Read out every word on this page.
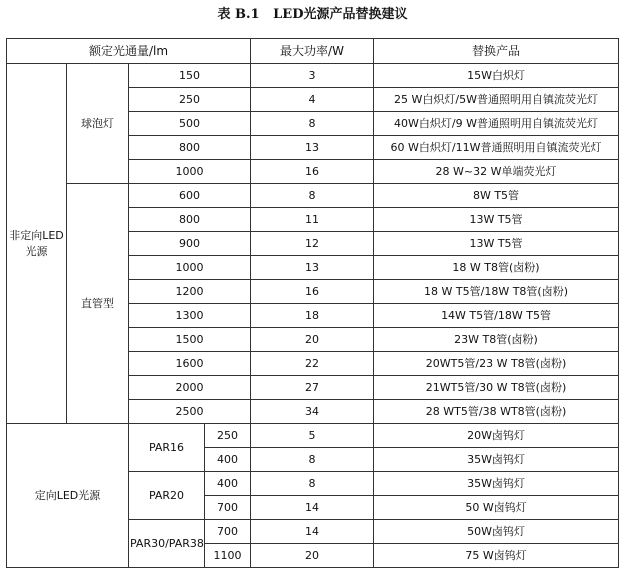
表 B.1   LED光源产品替换建议
额定光通量/lm				最大功率/W	替换产品
非定向LED光源	球泡灯	150		3	15W白炽灯
		250		4	25 W白炽灯/5W普通照明用自镇流荧光灯
		500		8	40W白炽灯/9 W普通照明用自镇流荧光灯
		800		13	60 W白炽灯/11W普通照明用自镇流荧光灯
		1000		16	28 W~32 W单端荧光灯
	直管型	600		8	8W T5管
		800		11	13W T5管
		900		12	13W T5管
		1000		13	18 W T8管(卤粉)
		1200		16	18 W T5管/18W T8管(卤粉)
		1300		18	14W T5管/18W T5管
		1500		20	23W T8管(卤粉)
		1600		22	20WT5管/23 W T8管(卤粉)
		2000		27	21WT5管/30 W T8管(卤粉)
		2500		34	28 WT5管/38 WT8管(卤粉)
定向LED光源		PAR16	250	5	20W卤钨灯
			400	8	35W卤钨灯
		PAR20	400	8	35W卤钨灯
			700	14	50 W卤钨灯
		PAR30/PAR38	700	14	50W卤钨灯
			1100	20	75 W卤钨灯
